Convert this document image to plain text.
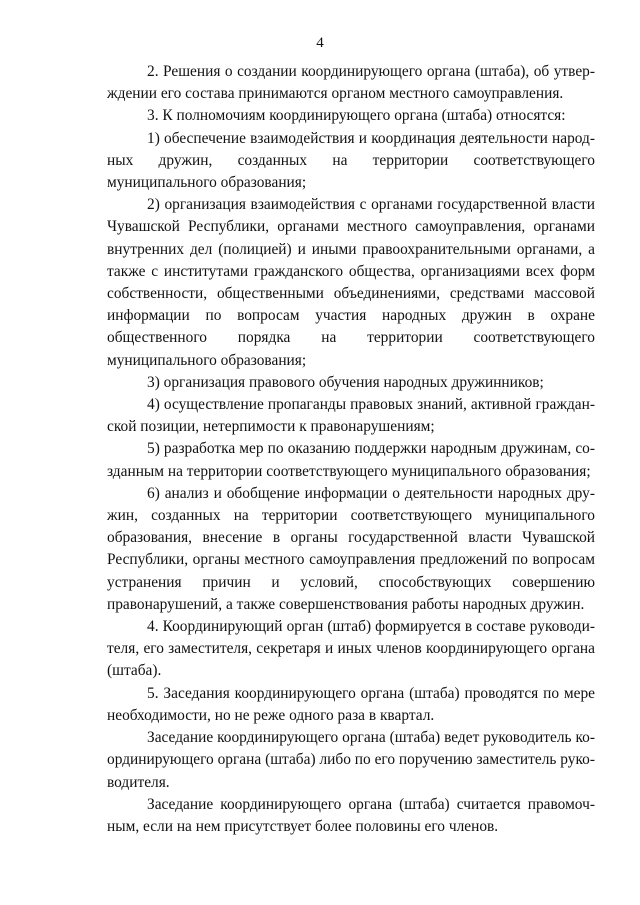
4

2. Решения о создании координирующего органа (штаба), об утверждении его состава принимаются органом местного самоуправления.

3. К полномочиям координирующего органа (штаба) относятся:

1) обеспечение взаимодействия и координация деятельности народных дружин, созданных на территории соответствующего муниципального образования;

2) организация взаимодействия с органами государственной власти Чувашской Республики, органами местного самоуправления, органами внутренних дел (полицией) и иными правоохранительными органами, а также с институтами гражданского общества, организациями всех форм собственности, общественными объединениями, средствами массовой информации по вопросам участия народных дружин в охране общественного порядка на территории соответствующего муниципального образования;

3) организация правового обучения народных дружинников;

4) осуществление пропаганды правовых знаний, активной гражданской позиции, нетерпимости к правонарушениям;

5) разработка мер по оказанию поддержки народным дружинам, созданным на территории соответствующего муниципального образования;

6) анализ и обобщение информации о деятельности народных дружин, созданных на территории соответствующего муниципального образования, внесение в органы государственной власти Чувашской Республики, органы местного самоуправления предложений по вопросам устранения причин и условий, способствующих совершению правонарушений, а также совершенствования работы народных дружин.

4. Координирующий орган (штаб) формируется в составе руководителя, его заместителя, секретаря и иных членов координирующего органа (штаба).

5. Заседания координирующего органа (штаба) проводятся по мере необходимости, но не реже одного раза в квартал.

Заседание координирующего органа (штаба) ведет руководитель координирующего органа (штаба) либо по его поручению заместитель руководителя.

Заседание координирующего органа (штаба) считается правомочным, если на нем присутствует более половины его членов.
